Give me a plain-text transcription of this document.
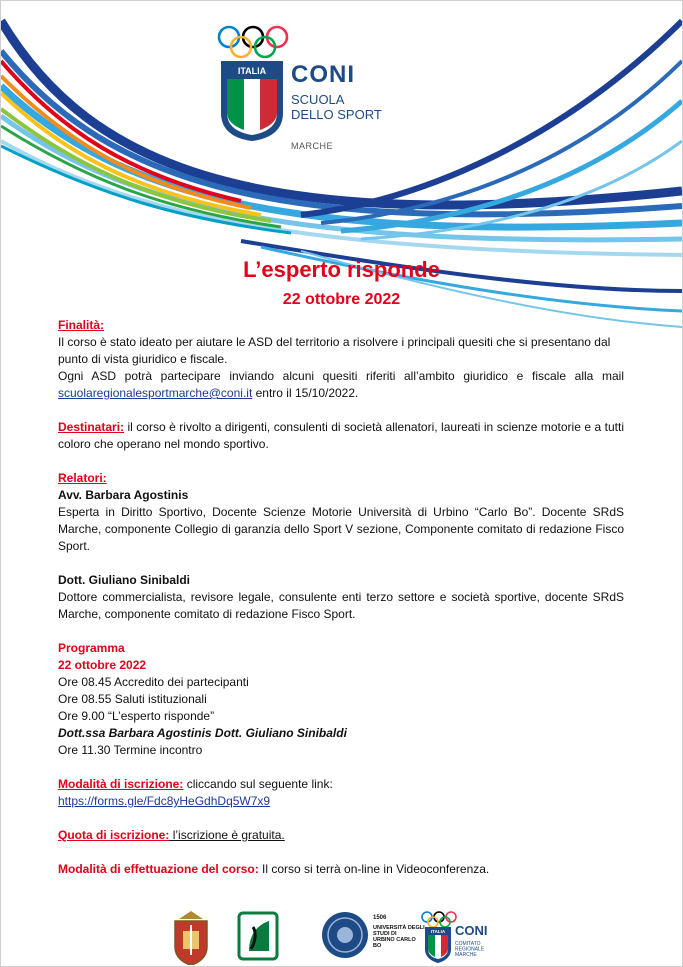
ITALIA CONI
SCUOLA
DELLO SPORT
MARCHE
L’esperto risponde
22 ottobre 2022

Finalità:

Il corso è stato ideato per aiutare le ASD del territorio a risolvere i principali quesiti che si presentano dal punto di vista giuridico e fiscale.

Ogni ASD potrà partecipare inviando alcuni quesiti riferiti all’ambito giuridico e fiscale alla mail scuolaregionalesportmarche@coni.it entro il 15/10/2022.

Destinatari: il corso è rivolto a dirigenti, consulenti di società allenatori, laureati in scienze motorie e a tutti coloro che operano nel mondo sportivo.

Relatori:

Avv. Barbara Agostinis

Esperta in Diritto Sportivo, Docente Scienze Motorie Università di Urbino “Carlo Bo”. Docente SRdS Marche, componente Collegio di garanzia dello Sport V sezione, Componente comitato di redazione Fisco Sport.

Dott. Giuliano Sinibaldi

Dottore commercialista, revisore legale, consulente enti terzo settore e società sportive, docente SRdS Marche, componente comitato di redazione Fisco Sport.

Programma

22 ottobre 2022

Ore 08.45 Accredito dei partecipanti

Ore 08.55 Saluti istituzionali

Ore 9.00 “L’esperto risponde”

Dott.ssa Barbara Agostinis Dott. Giuliano Sinibaldi

Ore 11.30 Termine incontro

Modalità di iscrizione: cliccando sul seguente link:

https://forms.gle/Fdc8yHeGdhDq5W7x9

Quota di iscrizione: l’iscrizione è gratuita.

Modalità di effettuazione del corso: Il corso si terrà on-line in Videoconferenza.

1506
UNIVERSITÀ DEGLI STUDI DI URBINO CARLO BO
ITALIA CONI
COMITATO REGIONALE MARCHE
